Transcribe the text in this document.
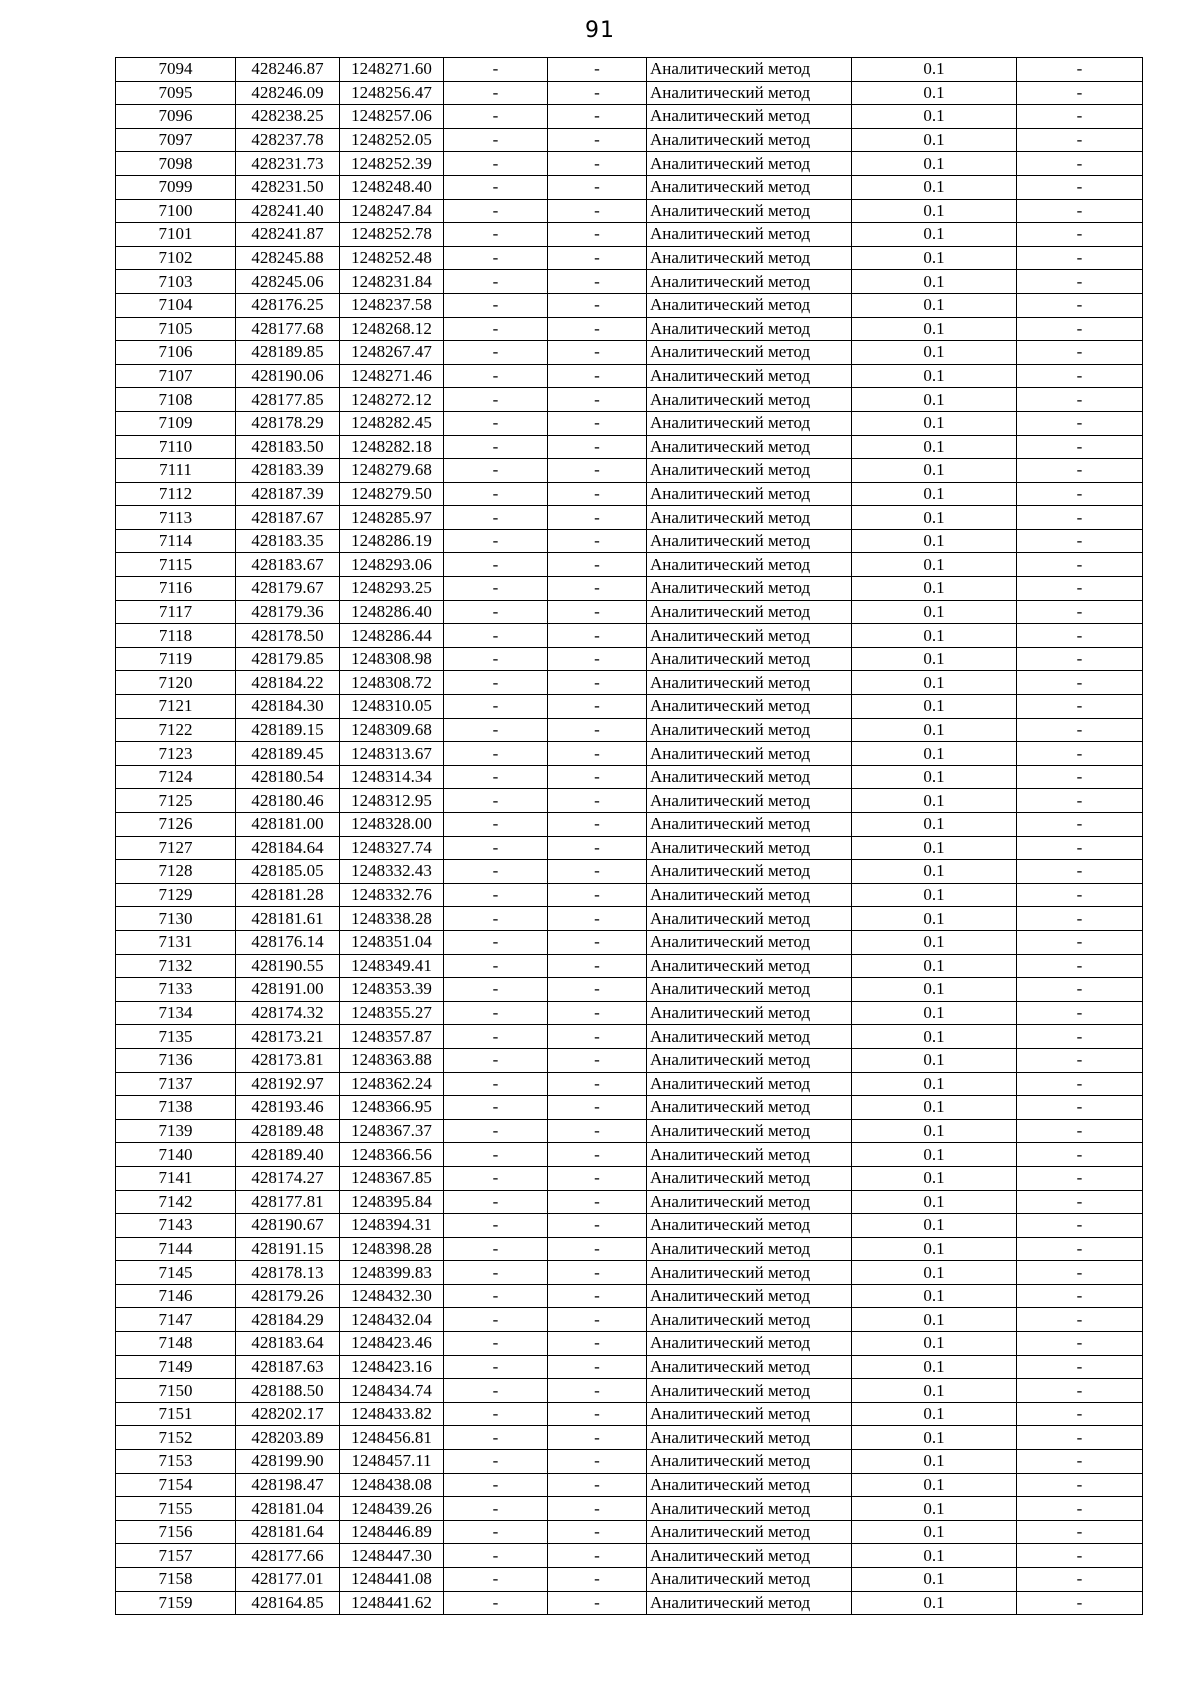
91
7094	428246.87	1248271.60	-	-	Аналитический метод	0.1	-
7095	428246.09	1248256.47	-	-	Аналитический метод	0.1	-
7096	428238.25	1248257.06	-	-	Аналитический метод	0.1	-
7097	428237.78	1248252.05	-	-	Аналитический метод	0.1	-
7098	428231.73	1248252.39	-	-	Аналитический метод	0.1	-
7099	428231.50	1248248.40	-	-	Аналитический метод	0.1	-
7100	428241.40	1248247.84	-	-	Аналитический метод	0.1	-
7101	428241.87	1248252.78	-	-	Аналитический метод	0.1	-
7102	428245.88	1248252.48	-	-	Аналитический метод	0.1	-
7103	428245.06	1248231.84	-	-	Аналитический метод	0.1	-
7104	428176.25	1248237.58	-	-	Аналитический метод	0.1	-
7105	428177.68	1248268.12	-	-	Аналитический метод	0.1	-
7106	428189.85	1248267.47	-	-	Аналитический метод	0.1	-
7107	428190.06	1248271.46	-	-	Аналитический метод	0.1	-
7108	428177.85	1248272.12	-	-	Аналитический метод	0.1	-
7109	428178.29	1248282.45	-	-	Аналитический метод	0.1	-
7110	428183.50	1248282.18	-	-	Аналитический метод	0.1	-
7111	428183.39	1248279.68	-	-	Аналитический метод	0.1	-
7112	428187.39	1248279.50	-	-	Аналитический метод	0.1	-
7113	428187.67	1248285.97	-	-	Аналитический метод	0.1	-
7114	428183.35	1248286.19	-	-	Аналитический метод	0.1	-
7115	428183.67	1248293.06	-	-	Аналитический метод	0.1	-
7116	428179.67	1248293.25	-	-	Аналитический метод	0.1	-
7117	428179.36	1248286.40	-	-	Аналитический метод	0.1	-
7118	428178.50	1248286.44	-	-	Аналитический метод	0.1	-
7119	428179.85	1248308.98	-	-	Аналитический метод	0.1	-
7120	428184.22	1248308.72	-	-	Аналитический метод	0.1	-
7121	428184.30	1248310.05	-	-	Аналитический метод	0.1	-
7122	428189.15	1248309.68	-	-	Аналитический метод	0.1	-
7123	428189.45	1248313.67	-	-	Аналитический метод	0.1	-
7124	428180.54	1248314.34	-	-	Аналитический метод	0.1	-
7125	428180.46	1248312.95	-	-	Аналитический метод	0.1	-
7126	428181.00	1248328.00	-	-	Аналитический метод	0.1	-
7127	428184.64	1248327.74	-	-	Аналитический метод	0.1	-
7128	428185.05	1248332.43	-	-	Аналитический метод	0.1	-
7129	428181.28	1248332.76	-	-	Аналитический метод	0.1	-
7130	428181.61	1248338.28	-	-	Аналитический метод	0.1	-
7131	428176.14	1248351.04	-	-	Аналитический метод	0.1	-
7132	428190.55	1248349.41	-	-	Аналитический метод	0.1	-
7133	428191.00	1248353.39	-	-	Аналитический метод	0.1	-
7134	428174.32	1248355.27	-	-	Аналитический метод	0.1	-
7135	428173.21	1248357.87	-	-	Аналитический метод	0.1	-
7136	428173.81	1248363.88	-	-	Аналитический метод	0.1	-
7137	428192.97	1248362.24	-	-	Аналитический метод	0.1	-
7138	428193.46	1248366.95	-	-	Аналитический метод	0.1	-
7139	428189.48	1248367.37	-	-	Аналитический метод	0.1	-
7140	428189.40	1248366.56	-	-	Аналитический метод	0.1	-
7141	428174.27	1248367.85	-	-	Аналитический метод	0.1	-
7142	428177.81	1248395.84	-	-	Аналитический метод	0.1	-
7143	428190.67	1248394.31	-	-	Аналитический метод	0.1	-
7144	428191.15	1248398.28	-	-	Аналитический метод	0.1	-
7145	428178.13	1248399.83	-	-	Аналитический метод	0.1	-
7146	428179.26	1248432.30	-	-	Аналитический метод	0.1	-
7147	428184.29	1248432.04	-	-	Аналитический метод	0.1	-
7148	428183.64	1248423.46	-	-	Аналитический метод	0.1	-
7149	428187.63	1248423.16	-	-	Аналитический метод	0.1	-
7150	428188.50	1248434.74	-	-	Аналитический метод	0.1	-
7151	428202.17	1248433.82	-	-	Аналитический метод	0.1	-
7152	428203.89	1248456.81	-	-	Аналитический метод	0.1	-
7153	428199.90	1248457.11	-	-	Аналитический метод	0.1	-
7154	428198.47	1248438.08	-	-	Аналитический метод	0.1	-
7155	428181.04	1248439.26	-	-	Аналитический метод	0.1	-
7156	428181.64	1248446.89	-	-	Аналитический метод	0.1	-
7157	428177.66	1248447.30	-	-	Аналитический метод	0.1	-
7158	428177.01	1248441.08	-	-	Аналитический метод	0.1	-
7159	428164.85	1248441.62	-	-	Аналитический метод	0.1	-
